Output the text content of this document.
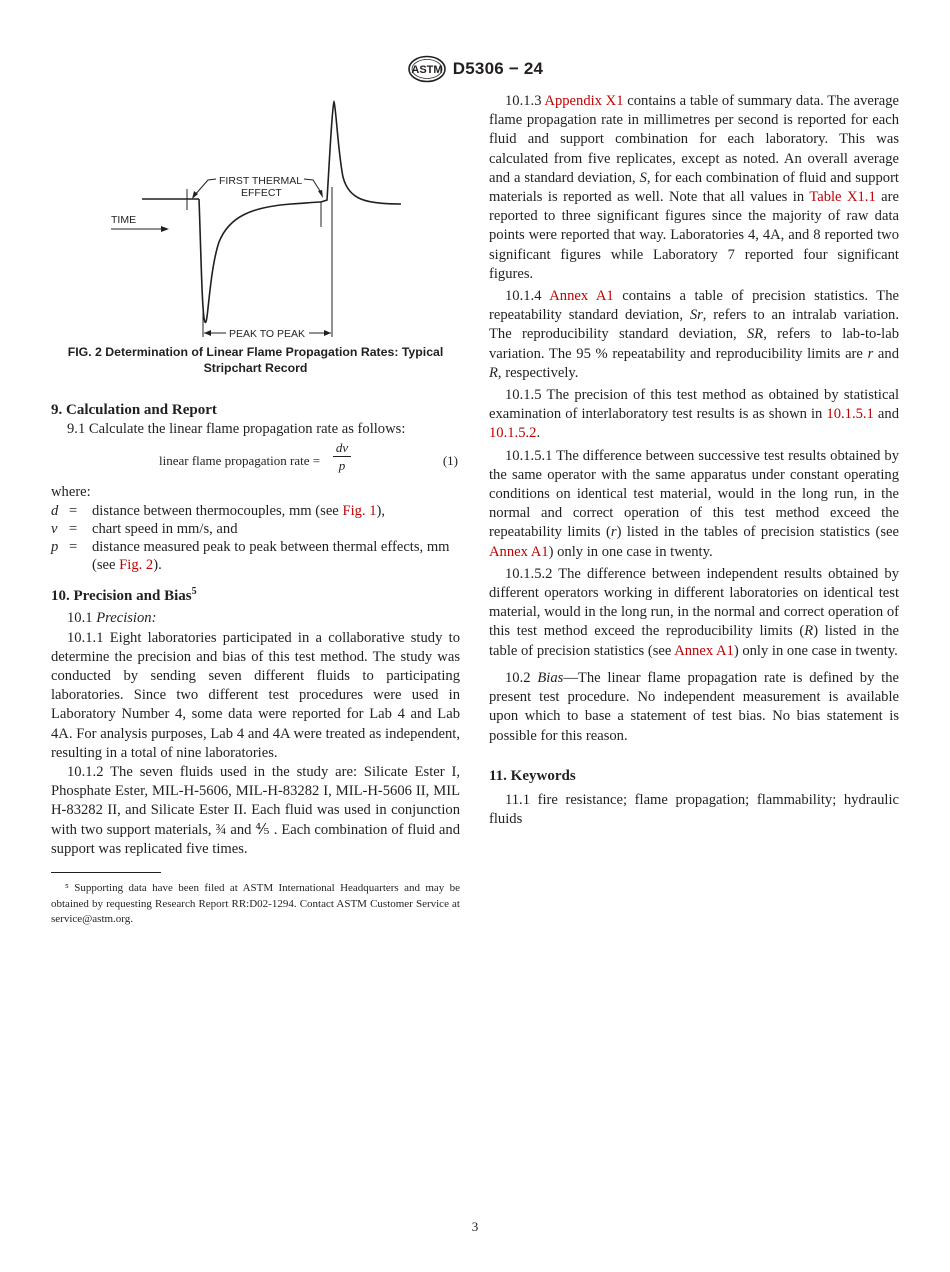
ASTM D5306 − 24
PEAK TO PEAK
TIME
FIRST THERMAL
EFFECT
FIG. 2 Determination of Linear Flame Propagation Rates: Typical
Stripchart Record
9. Calculation and Report

9.1 Calculate the linear flame propagation rate as follows:

linear flame propagation rate = $\frac{dv}{p}$	(1)

where:

d	=	distance between thermocouples, mm (see Fig. 1),
v	=	chart speed in mm/s, and
p	=	distance measured peak to peak between thermal effects, mm (see Fig. 2).
10. Precision and Bias$^5$

10.1 Precision:

10.1.1 Eight laboratories participated in a collaborative study to determine the precision and bias of this test method. The study was conducted by sending seven different fluids to participating laboratories. Since two different test procedures were used in Laboratory Number 4, some data were reported for Lab 4 and Lab 4A. For analysis purposes, Lab 4 and 4A were treated as independent, resulting in a total of nine laboratories.

10.1.2 The seven fluids used in the study are: Silicate Ester I, Phosphate Ester, MIL-H-5606, MIL-H-83282 I, MIL-H-5606 II, MIL H-83282 II, and Silicate Ester II. Each fluid was used in conjunction with two support materials, ¾ and ⅘ . Each combination of fluid and support was replicated five times.

⁵ Supporting data have been filed at ASTM International Headquarters and may be obtained by requesting Research Report RR:D02-1294. Contact ASTM Customer Service at service@astm.org.

10.1.3 Appendix X1 contains a table of summary data. The average flame propagation rate in millimetres per second is reported for each fluid and support combination for each laboratory. This was calculated from five replicates, except as noted. An overall average and a standard deviation, S, for each combination of fluid and support materials is reported as well. Note that all values in Table X1.1 are reported to three significant figures since the majority of raw data points were reported that way. Laboratories 4, 4A, and 8 reported two significant figures while Laboratory 7 reported four significant figures.

10.1.4 Annex A1 contains a table of precision statistics. The repeatability standard deviation, Sr, refers to an intralab variation. The reproducibility standard deviation, SR, refers to lab-to-lab variation. The 95 % repeatability and reproducibility limits are r and R, respectively.

10.1.5 The precision of this test method as obtained by statistical examination of interlaboratory test results is as shown in 10.1.5.1 and 10.1.5.2.

10.1.5.1 The difference between successive test results obtained by the same operator with the same apparatus under constant operating conditions on identical test material, would in the long run, in the normal and correct operation of this test method exceed the repeatability limits (r) listed in the tables of precision statistics (see Annex A1) only in one case in twenty.

10.1.5.2 The difference between independent results obtained by different operators working in different laboratories on identical test material, would in the long run, in the normal and correct operation of this test method exceed the reproducibility limits (R) listed in the table of precision statistics (see Annex A1) only in one case in twenty.

10.2 Bias—The linear flame propagation rate is defined by the present test procedure. No independent measurement is available upon which to base a statement of test bias. No bias statement is possible for this reason.

11. Keywords

11.1 fire resistance; flame propagation; flammability; hydraulic fluids

3
